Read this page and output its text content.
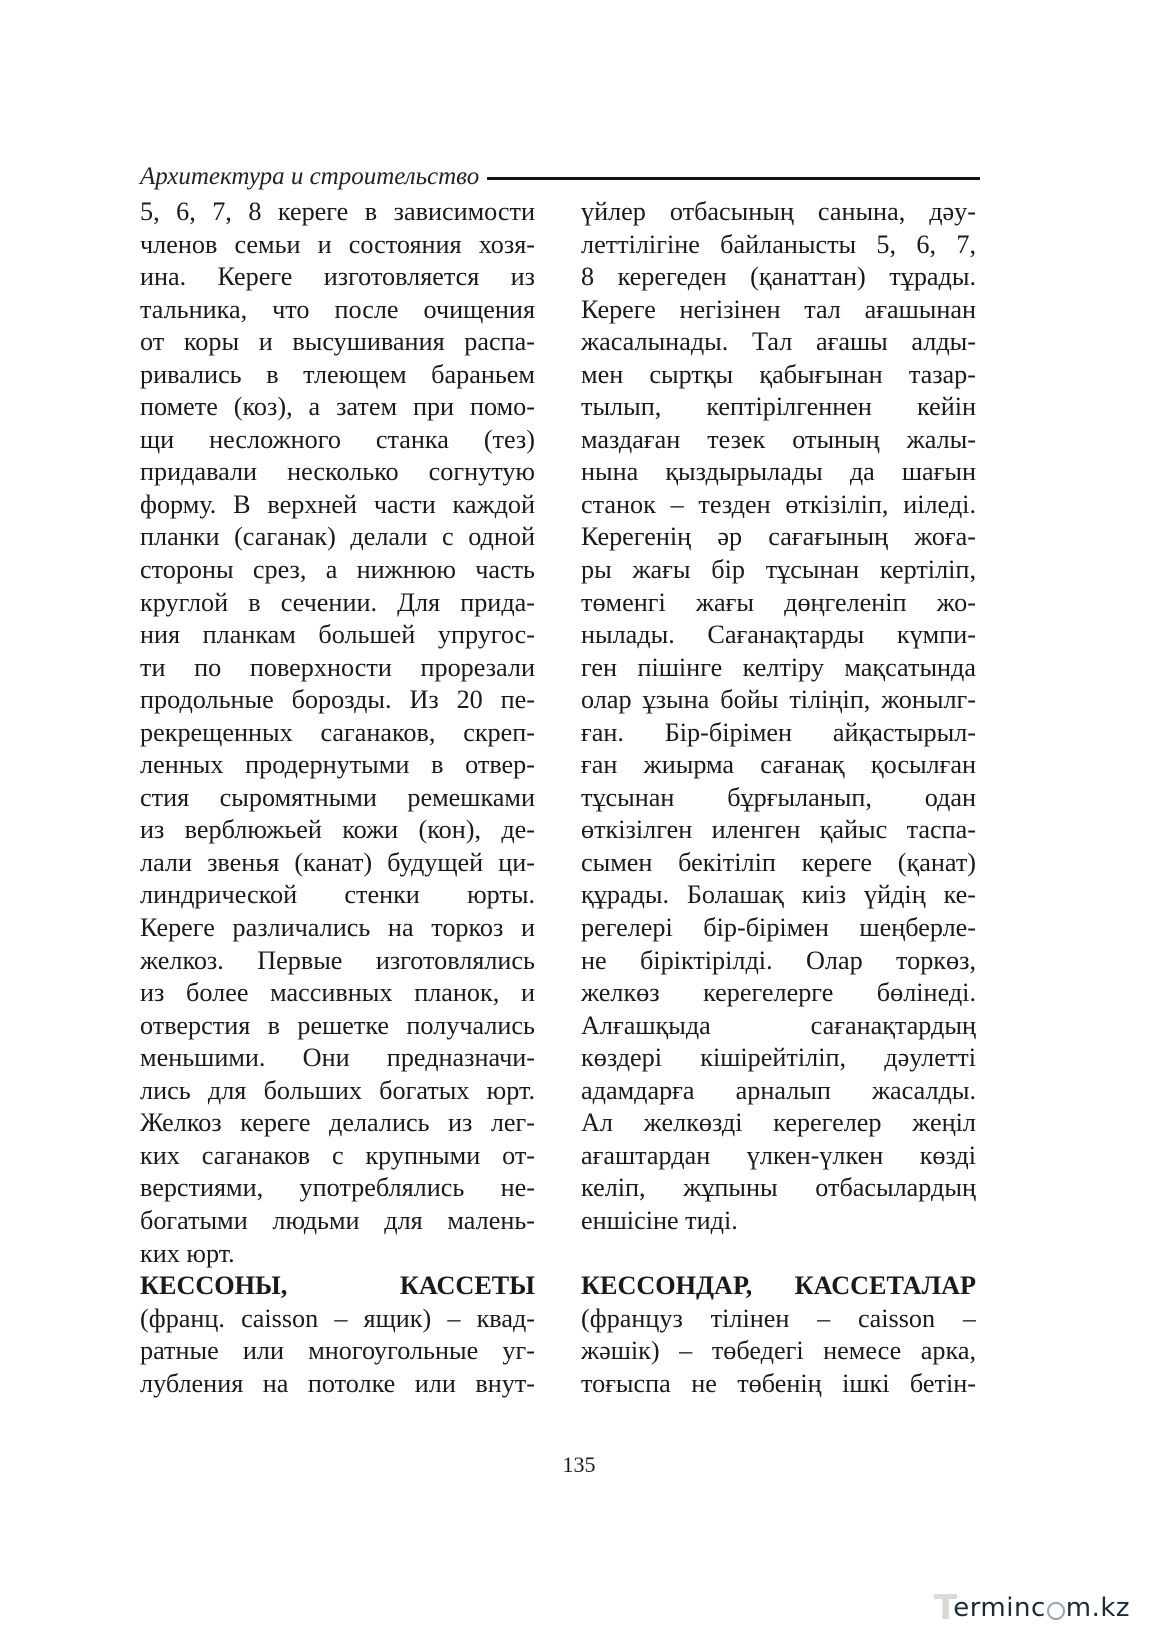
Архитектура и строительство
5, 6, 7, 8 кереге в зависимости
членов семьи и состояния хозя-
ина. Кереге изготовляется из
тальника, что после очищения
от коры и высушивания распа-
ривались в тлеющем бараньем
помете (коз), а затем при помо-
щи несложного станка (тез)
придавали несколько согнутую
форму. В верхней части каждой
планки (саганак) делали с одной
стороны срез, а нижнюю часть
круглой в сечении. Для прида-
ния планкам большей упругос-
ти по поверхности прорезали
продольные борозды. Из 20 пе-
рекрещенных саганаков, скреп-
ленных продернутыми в отвер-
стия сыромятными ремешками
из верблюжьей кожи (кон), де-
лали звенья (канат) будущей ци-
линдрической стенки юрты.
Кереге различались на торкоз и
желкоз. Первые изготовлялись
из более массивных планок, и
отверстия в решетке получались
меньшими. Они предназначи-
лись для больших богатых юрт.
Желкоз кереге делались из лег-
ких саганаков с крупными от-
верстиями, употреблялись не-
богатыми людьми для малень-
ких юрт.
КЕССОНЫ, КАССЕТЫ
(франц. caisson – ящик) – квад-
ратные или многоугольные уг-
лубления на потолке или внут-
үйлер отбасының санына, дәу-
леттілігіне байланысты 5, 6, 7,
8 керегеден (қанаттан) тұрады.
Кереге негізінен тал ағашынан
жасалынады. Тал ағашы алды-
мен сыртқы қабығынан тазар-
тылып, кептірілгеннен кейін
маздаған тезек отының жалы-
нына қыздырылады да шағын
станок – тезден өткізіліп, иіледі.
Керегенің әр сағағының жоға-
ры жағы бір тұсынан кертіліп,
төменгі жағы дөңгеленіп жо-
нылады. Сағанақтарды күмпи-
ген пішінге келтіру мақсатында
олар ұзына бойы тіліңіп, жонылг-
ған. Бір-бірімен айқастырыл-
ған жиырма сағанақ қосылған
тұсынан бұрғыланып, одан
өткізілген иленген қайыс таспа-
сымен бекітіліп кереге (қанат)
құрады. Болашақ киіз үйдің ке-
регелері бір-бірімен шеңберле-
не біріктірілді. Олар торкөз,
желкөз керегелерге бөлінеді.
Алғашқыда сағанақтардың
көздері кішірейтіліп, дәулетті
адамдарға арналып жасалды.
Ал желкөзді керегелер жеңіл
ағаштардан үлкен-үлкен көзді
келіп, жұпыны отбасылардың
еншісіне тиді.
КЕССОНДАР, КАССЕТАЛАР
(француз тілінен – caisson –
жәшік) – төбедегі немесе арка,
тоғыспа не төбенің ішкі бетін-
135
T
erminc m.kz
